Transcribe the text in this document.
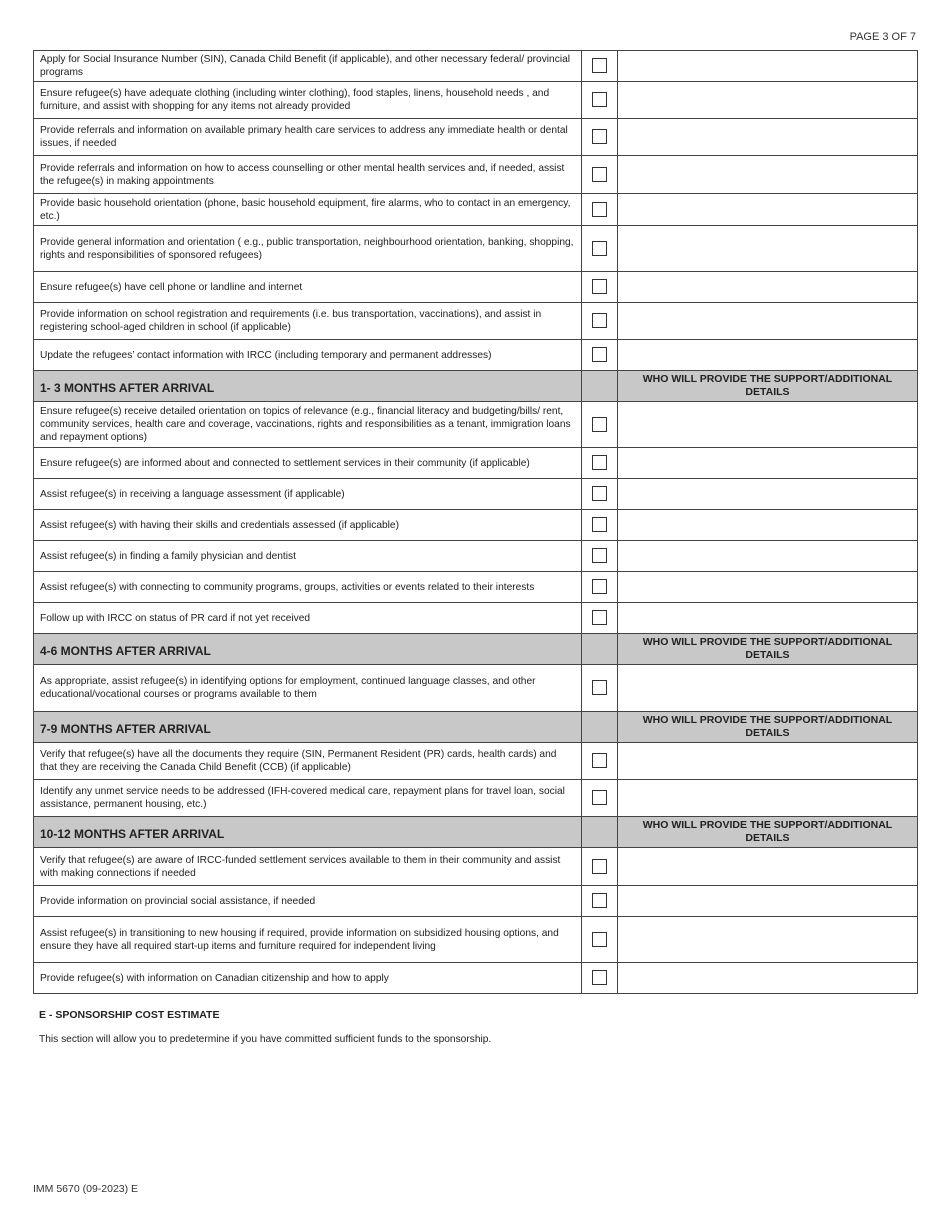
PAGE 3 OF 7
Apply for Social Insurance Number (SIN), Canada Child Benefit (if applicable), and other necessary federal/ provincial programs		
Ensure refugee(s) have adequate clothing (including winter clothing), food staples, linens, household needs , and furniture, and assist with shopping for any items not already provided		
Provide referrals and information on available primary health care services to address any immediate health or dental issues, if needed		
Provide referrals and information on how to access counselling or other mental health services and, if needed, assist the refugee(s) in making appointments		
Provide basic household orientation (phone, basic household equipment, fire alarms, who to contact in an emergency, etc.)		
Provide general information and orientation ( e.g., public transportation, neighbourhood orientation, banking, shopping, rights and responsibilities of sponsored refugees)		
Ensure refugee(s) have cell phone or landline and internet		
Provide information on school registration and requirements (i.e. bus transportation, vaccinations), and assist in registering school-aged children in school (if applicable)		
Update the refugees’ contact information with IRCC (including temporary and permanent addresses)		
1- 3 MONTHS AFTER ARRIVAL		WHO WILL PROVIDE THE SUPPORT/ADDITIONAL DETAILS
Ensure refugee(s) receive detailed orientation on topics of relevance (e.g., financial literacy and budgeting/bills/ rent, community services, health care and coverage, vaccinations, rights and responsibilities as a tenant, immigration loans and repayment options)		
Ensure refugee(s) are informed about and connected to settlement services in their community (if applicable)		
Assist refugee(s) in receiving a language assessment (if applicable)		
Assist refugee(s) with having their skills and credentials assessed (if applicable)		
Assist refugee(s) in finding a family physician and dentist		
Assist refugee(s) with connecting to community programs, groups, activities or events related to their interests		
Follow up with IRCC on status of PR card if not yet received		
4-6 MONTHS AFTER ARRIVAL		WHO WILL PROVIDE THE SUPPORT/ADDITIONAL DETAILS
As appropriate, assist refugee(s) in identifying options for employment, continued language classes, and other educational/vocational courses or programs available to them		
7-9 MONTHS AFTER ARRIVAL		WHO WILL PROVIDE THE SUPPORT/ADDITIONAL DETAILS
Verify that refugee(s) have all the documents they require (SIN, Permanent Resident (PR) cards, health cards) and that they are receiving the Canada Child Benefit (CCB) (if applicable)		
Identify any unmet service needs to be addressed (IFH-covered medical care, repayment plans for travel loan, social assistance, permanent housing, etc.)		
10-12 MONTHS AFTER ARRIVAL		WHO WILL PROVIDE THE SUPPORT/ADDITIONAL DETAILS
Verify that refugee(s) are aware of IRCC-funded settlement services available to them in their community and assist with making connections if needed		
Provide information on provincial social assistance, if needed		
Assist refugee(s) in transitioning to new housing if required, provide information on subsidized housing options, and ensure they have all required start-up items and furniture required for independent living		
Provide refugee(s) with information on Canadian citizenship and how to apply		
E - SPONSORSHIP COST ESTIMATE
This section will allow you to predetermine if you have committed sufficient funds to the sponsorship.
IMM 5670 (09-2023) E
